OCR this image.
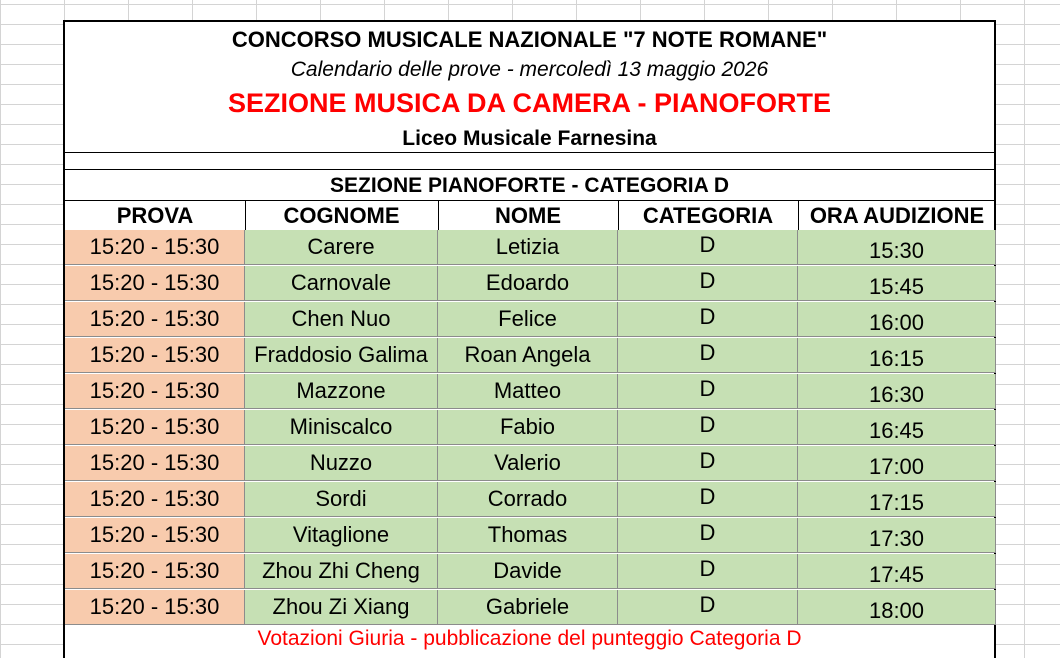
CONCORSO MUSICALE NAZIONALE "7 NOTE ROMANE"
Calendario delle prove - mercoledì 13 maggio 2026
SEZIONE MUSICA DA CAMERA - PIANOFORTE
Liceo Musicale Farnesina
SEZIONE PIANOFORTE - CATEGORIA D
PROVA	COGNOME	NOME	CATEGORIA	ORA AUDIZIONE
15:20 - 15:30	Carere	Letizia	D	15:30
15:20 - 15:30	Carnovale	Edoardo	D	15:45
15:20 - 15:30	Chen Nuo	Felice	D	16:00
15:20 - 15:30	Fraddosio Galima	Roan Angela	D	16:15
15:20 - 15:30	Mazzone	Matteo	D	16:30
15:20 - 15:30	Miniscalco	Fabio	D	16:45
15:20 - 15:30	Nuzzo	Valerio	D	17:00
15:20 - 15:30	Sordi	Corrado	D	17:15
15:20 - 15:30	Vitaglione	Thomas	D	17:30
15:20 - 15:30	Zhou Zhi Cheng	Davide	D	17:45
15:20 - 15:30	Zhou Zi Xiang	Gabriele	D	18:00
Votazioni Giuria - pubblicazione del punteggio Categoria D
